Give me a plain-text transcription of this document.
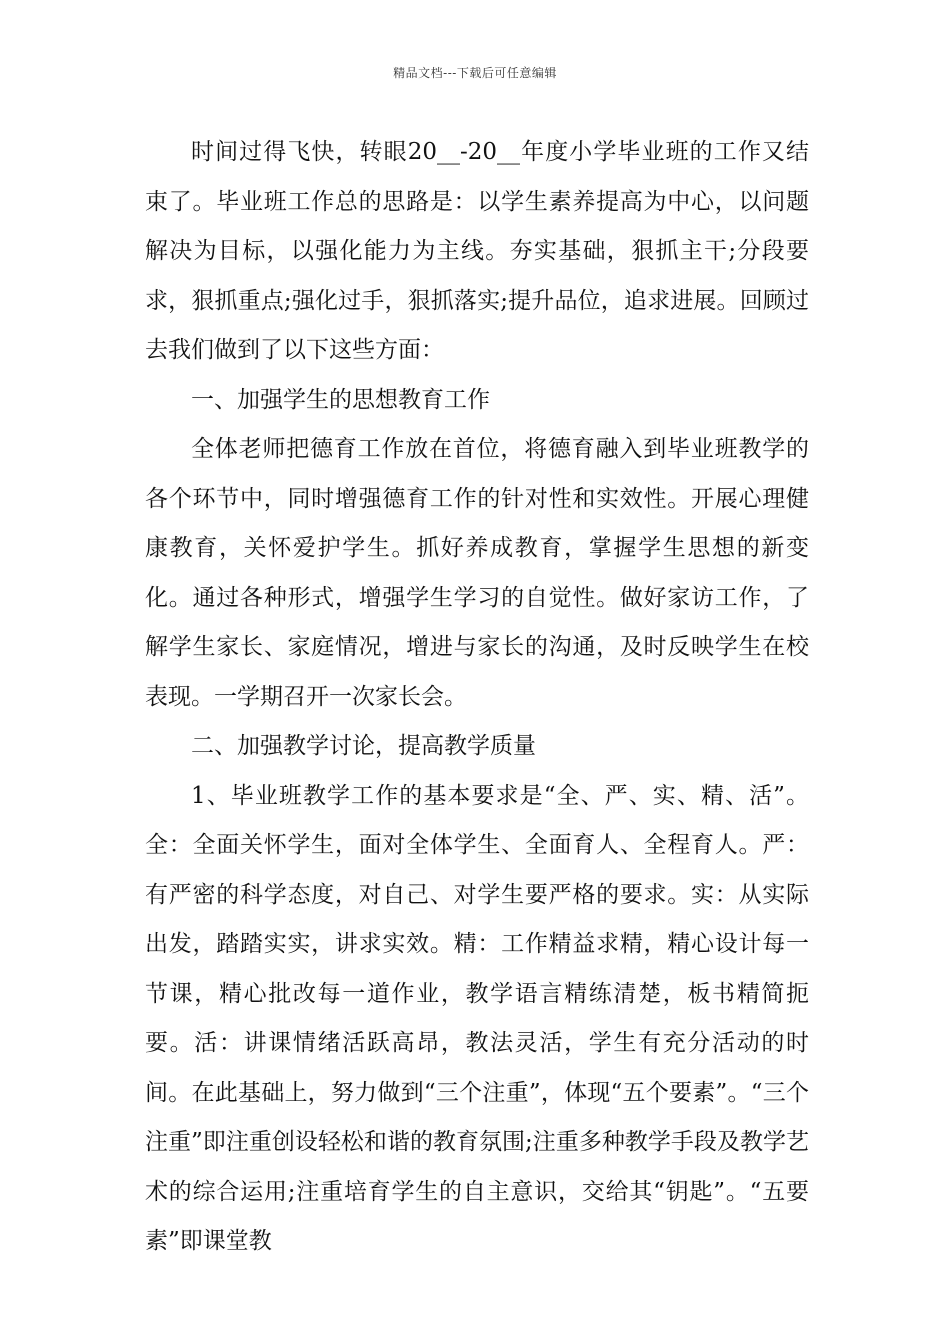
精品文档---下载后可任意编辑

时间过得飞快，转眼20__-20__年度小学毕业班的工作又结束了。毕业班工作总的思路是：以学生素养提高为中心，以问题解决为目标，以强化能力为主线。夯实基础，狠抓主干;分段要求，狠抓重点;强化过手，狠抓落实;提升品位，追求进展。回顾过去我们做到了以下这些方面：

一、加强学生的思想教育工作

全体老师把德育工作放在首位，将德育融入到毕业班教学的各个环节中，同时增强德育工作的针对性和实效性。开展心理健康教育，关怀爱护学生。抓好养成教育，掌握学生思想的新变化。通过各种形式，增强学生学习的自觉性。做好家访工作，了解学生家长、家庭情况，增进与家长的沟通，及时反映学生在校表现。一学期召开一次家长会。

二、加强教学讨论，提高教学质量

1、毕业班教学工作的基本要求是“全、严、实、精、活”。全：全面关怀学生，面对全体学生、全面育人、全程育人。严：有严密的科学态度，对自己、对学生要严格的要求。实：从实际出发，踏踏实实，讲求实效。精：工作精益求精，精心设计每一节课，精心批改每一道作业，教学语言精练清楚，板书精简扼要。活：讲课情绪活跃高昂，教法灵活，学生有充分活动的时间。在此基础上，努力做到“三个注重”，体现“五个要素”。“三个注重”即注重创设轻松和谐的教育氛围;注重多种教学手段及教学艺术的综合运用;注重培育学生的自主意识，交给其“钥匙”。“五要素”即课堂教
